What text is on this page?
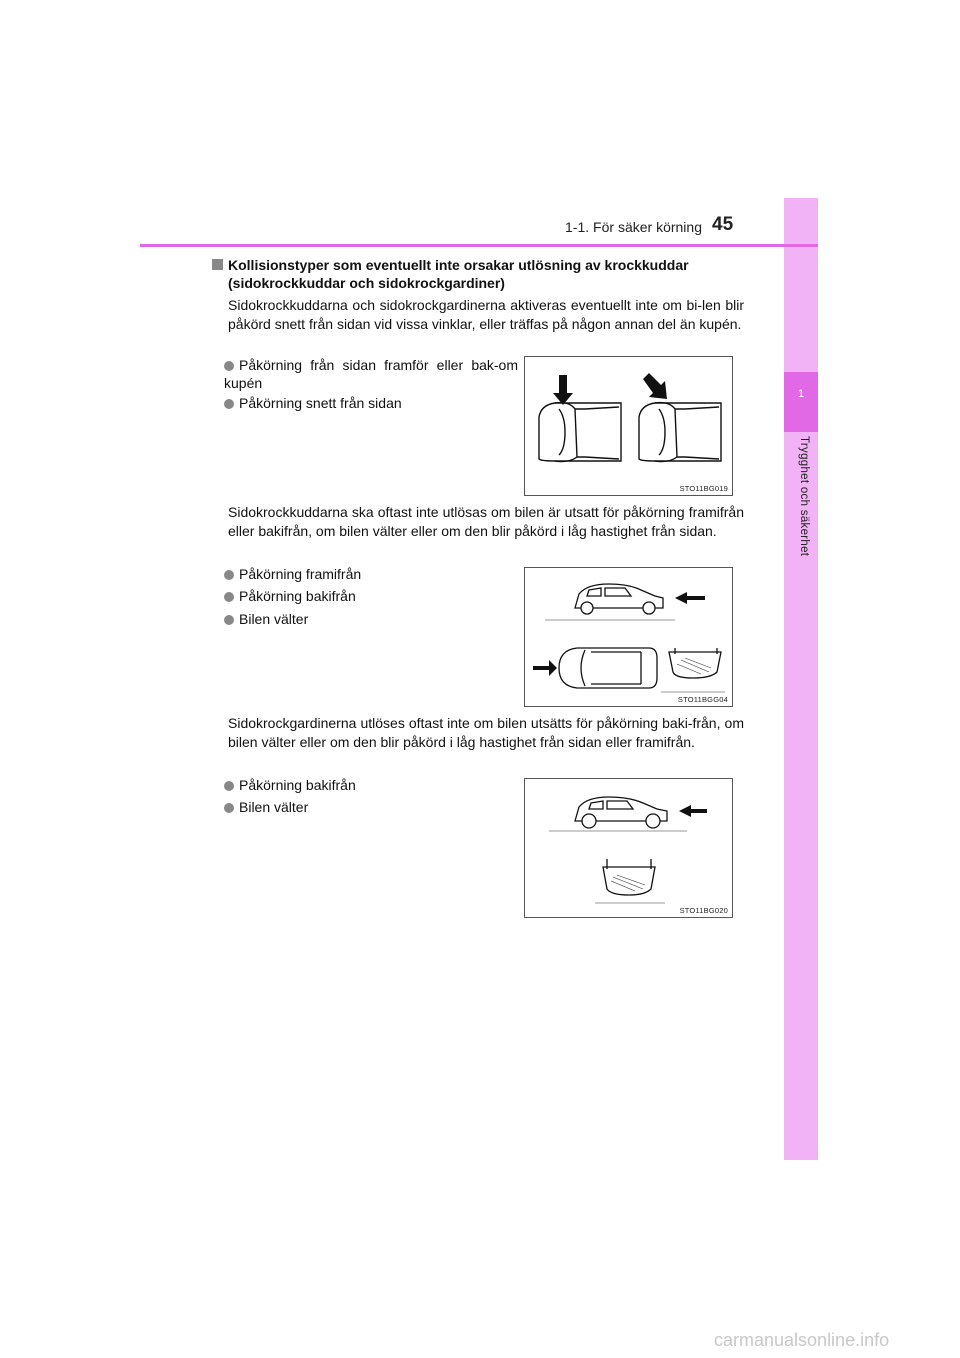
1
Trygghet och säkerhet
1-1. För säker körning 45
Kollisionstyper som eventuellt inte orsakar utlösning av krockkuddar (sidokrockkuddar och sidokrockgardiner)
Sidokrockkuddarna och sidokrockgardinerna aktiveras eventuellt inte om bi-len blir påkörd snett från sidan vid vissa vinklar, eller träffas på någon annan del än kupén.
Påkörning från sidan framför eller bak-om kupén
Påkörning snett från sidan
STO11BG019
Sidokrockkuddarna ska oftast inte utlösas om bilen är utsatt för påkörning framifrån eller bakifrån, om bilen välter eller om den blir påkörd i låg hastighet från sidan.
Påkörning framifrån
Påkörning bakifrån
Bilen välter
STO11BGG04
Sidokrockgardinerna utlöses oftast inte om bilen utsätts för påkörning baki-från, om bilen välter eller om den blir påkörd i låg hastighet från sidan eller framifrån.
Påkörning bakifrån
Bilen välter
STO11BG020
carmanualsonline.info
